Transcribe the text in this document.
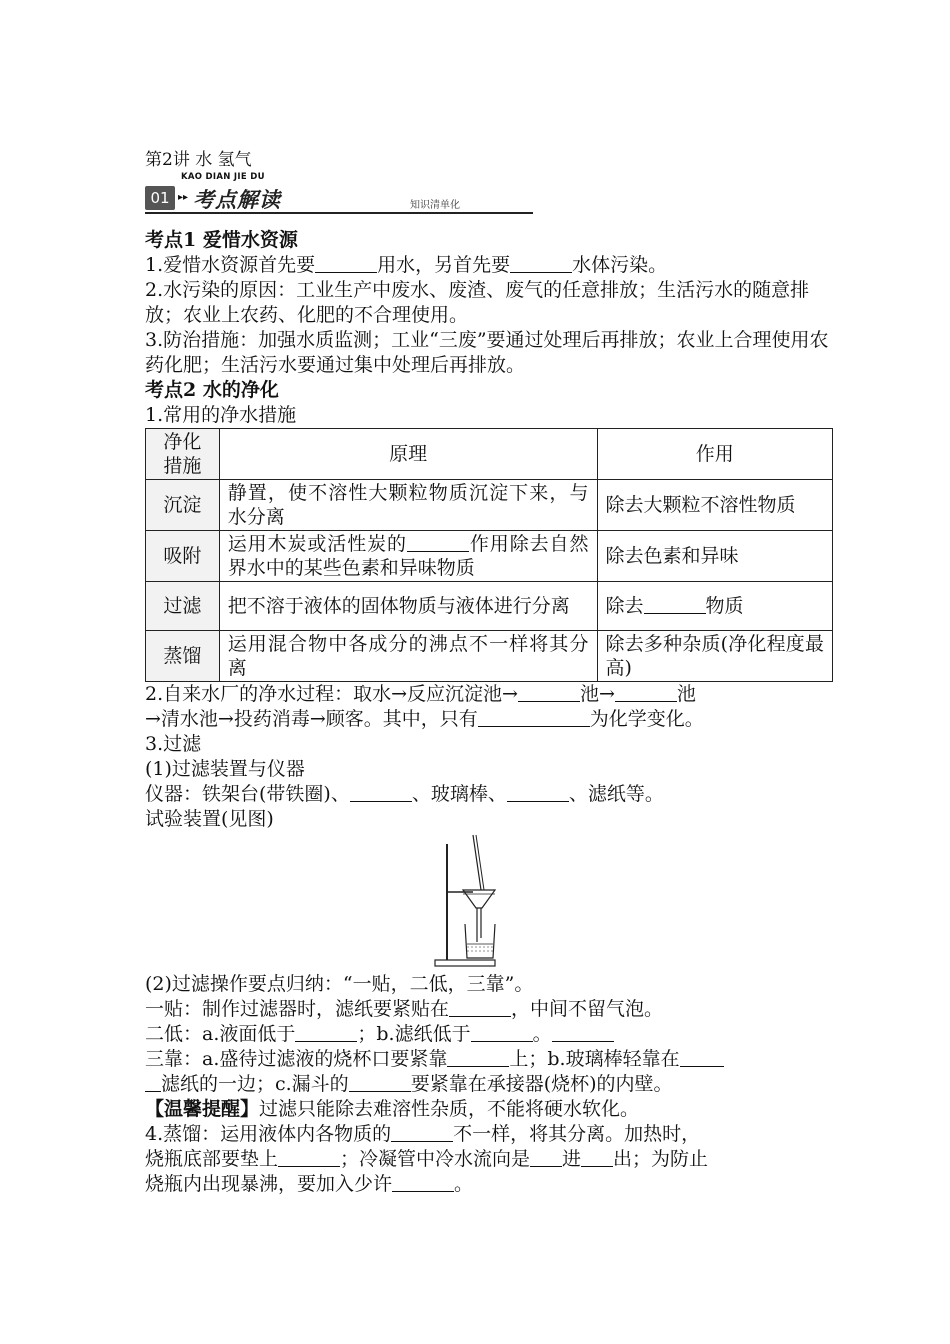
第2讲 水 氢气

KAO DIAN JIE DU
01 ▸▸ 考点解读	知识清单化

考点1 爱惜水资源

1.爱惜水资源首先要	用水，另首先要	水体污染。

2.水污染的原因：工业生产中废水、废渣、废气的任意排放；生活污水的随意排放；农业上农药、化肥的不合理使用。

3.防治措施：加强水质监测；工业“三废”要通过处理后再排放；农业上合理使用农药化肥；生活污水要通过集中处理后再排放。

考点2 水的净化

1.常用的净水措施

净化措施	原理	作用
沉淀	静置，使不溶性大颗粒物质沉淀下来，与水分离	除去大颗粒不溶性物质
吸附	运用木炭或活性炭的 作用除去自然界水中的某些色素和异味物质	除去色素和异味
过滤	把不溶于液体的固体物质与液体进行分离	除去 物质
蒸馏	运用混合物中各成分的沸点不一样将其分离	除去多种杂质(净化程度最高)

2.自来水厂的净水过程：取水→反应沉淀池→	池→	池

→清水池→投药消毒→顾客。其中，只有	为化学变化。

3.过滤

(1)过滤装置与仪器

仪器：铁架台(带铁圈)、	、玻璃棒、	、滤纸等。

试验装置(见图)

(2)过滤操作要点归纳：“一贴，二低，三靠”。

一贴：制作过滤器时，滤纸要紧贴在	，中间不留气泡。

二低：a.液面低于	；b.滤纸低于	。

三靠：a.盛待过滤液的烧杯口要紧靠	上；b.玻璃棒轻靠在

滤纸的一边；c.漏斗的	要紧靠在承接器(烧杯)的内壁。

【温馨提醒】过滤只能除去难溶性杂质，不能将硬水软化。

4.蒸馏：运用液体内各物质的	不一样，将其分离。加热时，

烧瓶底部要垫上	；冷凝管中冷水流向是 进 出；为防止

烧瓶内出现暴沸，要加入少许	。
